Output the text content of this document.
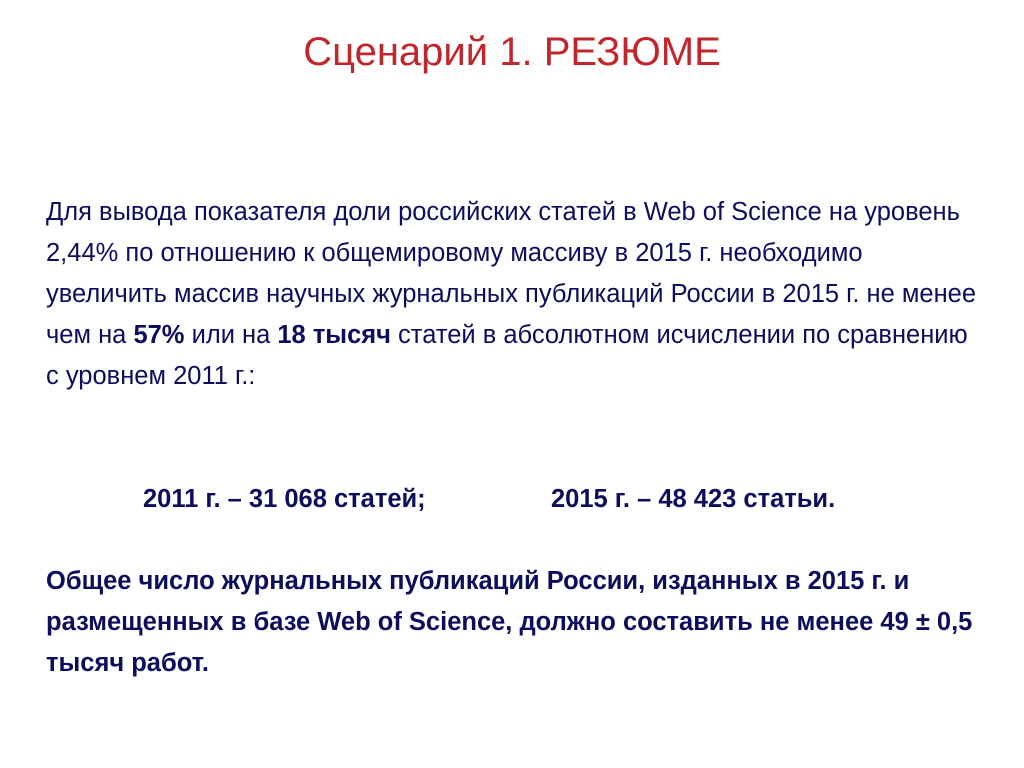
Сценарий 1. РЕЗЮМЕ

Для вывода показателя доли российских статей в Web of Science на уровень 2,44% по отношению к общемировому массиву в 2015 г. необходимо увеличить массив научных журнальных публикаций России в 2015 г. не менее чем на 57% или на 18 тысяч статей в абсолютном исчислении по сравнению с уровнем 2011 г.:

2011 г. – 31 068 статей;	2015 г. – 48 423 статьи.

Общее число журнальных публикаций России, изданных в 2015 г. и размещенных в базе Web of Science, должно составить не менее 49 ± 0,5 тысяч работ.
